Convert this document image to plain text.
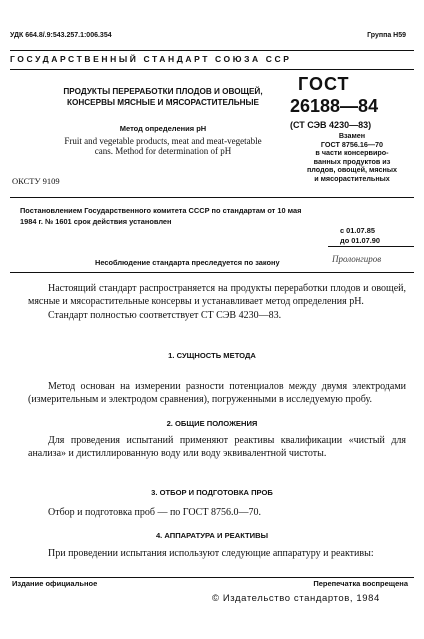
УДК 664.8/.9:543.257.1:006.354	Группа Н59
ГОСУДАРСТВЕННЫЙ СТАНДАРТ СОЮЗА ССР
ПРОДУКТЫ ПЕРЕРАБОТКИ ПЛОДОВ И ОВОЩЕЙ,
КОНСЕРВЫ МЯСНЫЕ И МЯСОРАСТИТЕЛЬНЫЕ
Метод определения рН
Fruit and vegetable products, meat and meat-vegetable
cans. Method for determination of pH
ОКСТУ 9109
ГОСТ
26188—84
(СТ СЭВ 4230—83)
Взамен
ГОСТ 8756.16—70
в части консервиро-
ванных продуктов из
плодов, овощей, мясных
и мясорастительных
Постановлением Государственного комитета СССР по стандартам от 10 мая
1984 г. № 1601 срок действия установлен
с 01.07.85
до 01.07.90
Несоблюдение стандарта преследуется по закону	Пролонгиров
Настоящий стандарт распространяется на продукты переработки плодов и овощей, мясные и мясорастительные консервы и устанавливает метод определения рН.
Стандарт полностью соответствует СТ СЭВ 4230—83.
1. СУЩНОСТЬ МЕТОДА
Метод основан на измерении разности потенциалов между двумя электродами (измерительным и электродом сравнения), погруженными в исследуемую пробу.
2. ОБЩИЕ ПОЛОЖЕНИЯ
Для проведения испытаний применяют реактивы квалификации «чистый для анализа» и дистиллированную воду или воду эквивалентной чистоты.
3. ОТБОР И ПОДГОТОВКА ПРОБ
Отбор и подготовка проб — по ГОСТ 8756.0—70.
4. АППАРАТУРА И РЕАКТИВЫ
При проведении испытания используют следующие аппаратуру и реактивы:
Издание официальное	Перепечатка воспрещена
© Издательство стандартов, 1984
